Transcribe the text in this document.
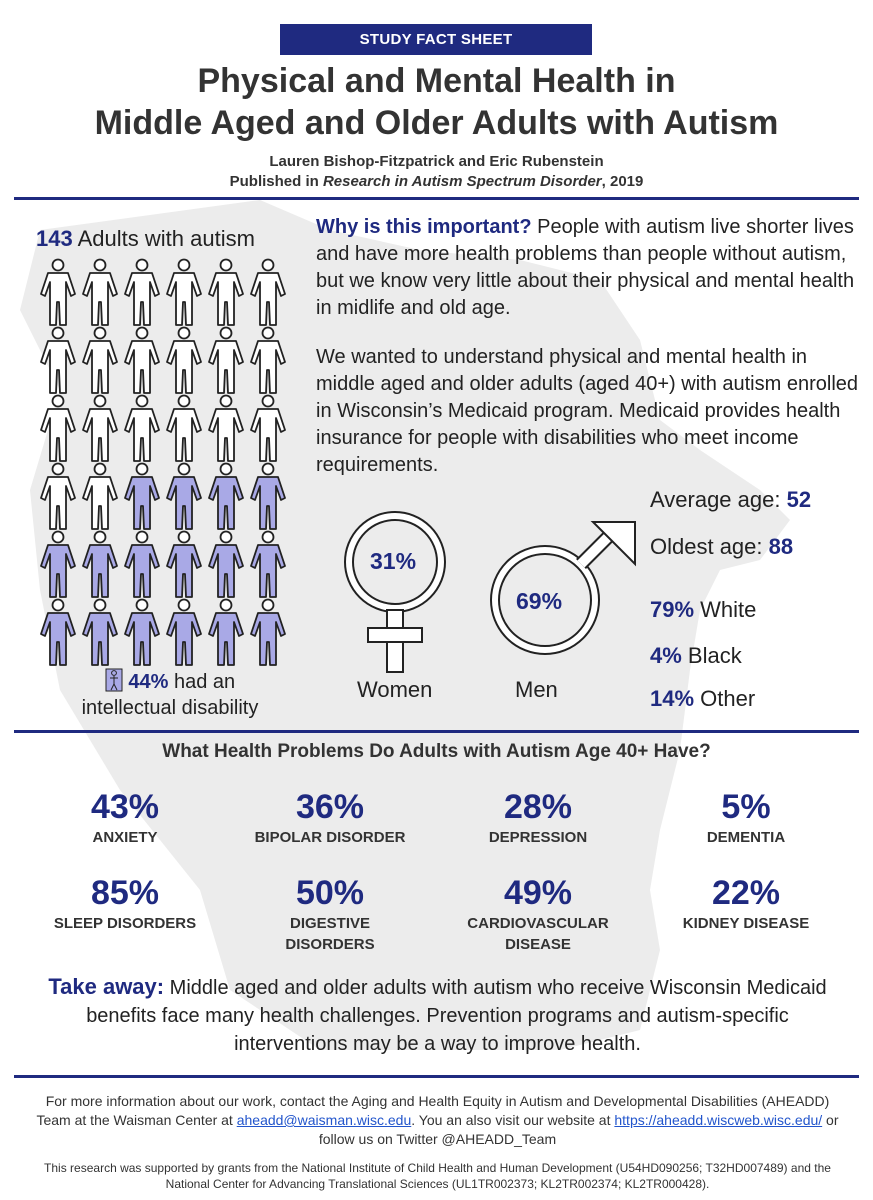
STUDY FACT SHEET
Physical and Mental Health in
Middle Aged and Older Adults with Autism
Lauren Bishop-Fitzpatrick and Eric Rubenstein
Published in Research in Autism Spectrum Disorder, 2019
143 Adults with autism
44% had an
intellectual disability
Why is this important? People with autism live shorter lives and have more health problems than people without autism, but we know very little about their physical and mental health in midlife and old age.
We wanted to understand physical and mental health in middle aged and older adults (aged 40+) with autism enrolled in Wisconsin’s Medicaid program. Medicaid provides health insurance for people with disabilities who meet income requirements.
31%
Women
69%
Men
Average age: 52
Oldest age: 88
79% White
4% Black
14% Other
What Health Problems Do Adults with Autism Age 40+ Have?
43%
ANXIETY
36%
BIPOLAR DISORDER
28%
DEPRESSION
5%
DEMENTIA
85%
SLEEP DISORDERS
50%
DIGESTIVE DISORDERS
49%
CARDIOVASCULAR DISEASE
22%
KIDNEY DISEASE
Take away: Middle aged and older adults with autism who receive Wisconsin Medicaid benefits face many health challenges. Prevention programs and autism-specific interventions may be a way to improve health.
For more information about our work, contact the Aging and Health Equity in Autism and Developmental Disabilities (AHEADD) Team at the Waisman Center at aheadd@waisman.wisc.edu. You an also visit our website at https://aheadd.wiscweb.wisc.edu/ or follow us on Twitter @AHEADD_Team
This research was supported by grants from the National Institute of Child Health and Human Development (U54HD090256; T32HD007489) and the National Center for Advancing Translational Sciences (UL1TR002373; KL2TR002374; KL2TR000428).
